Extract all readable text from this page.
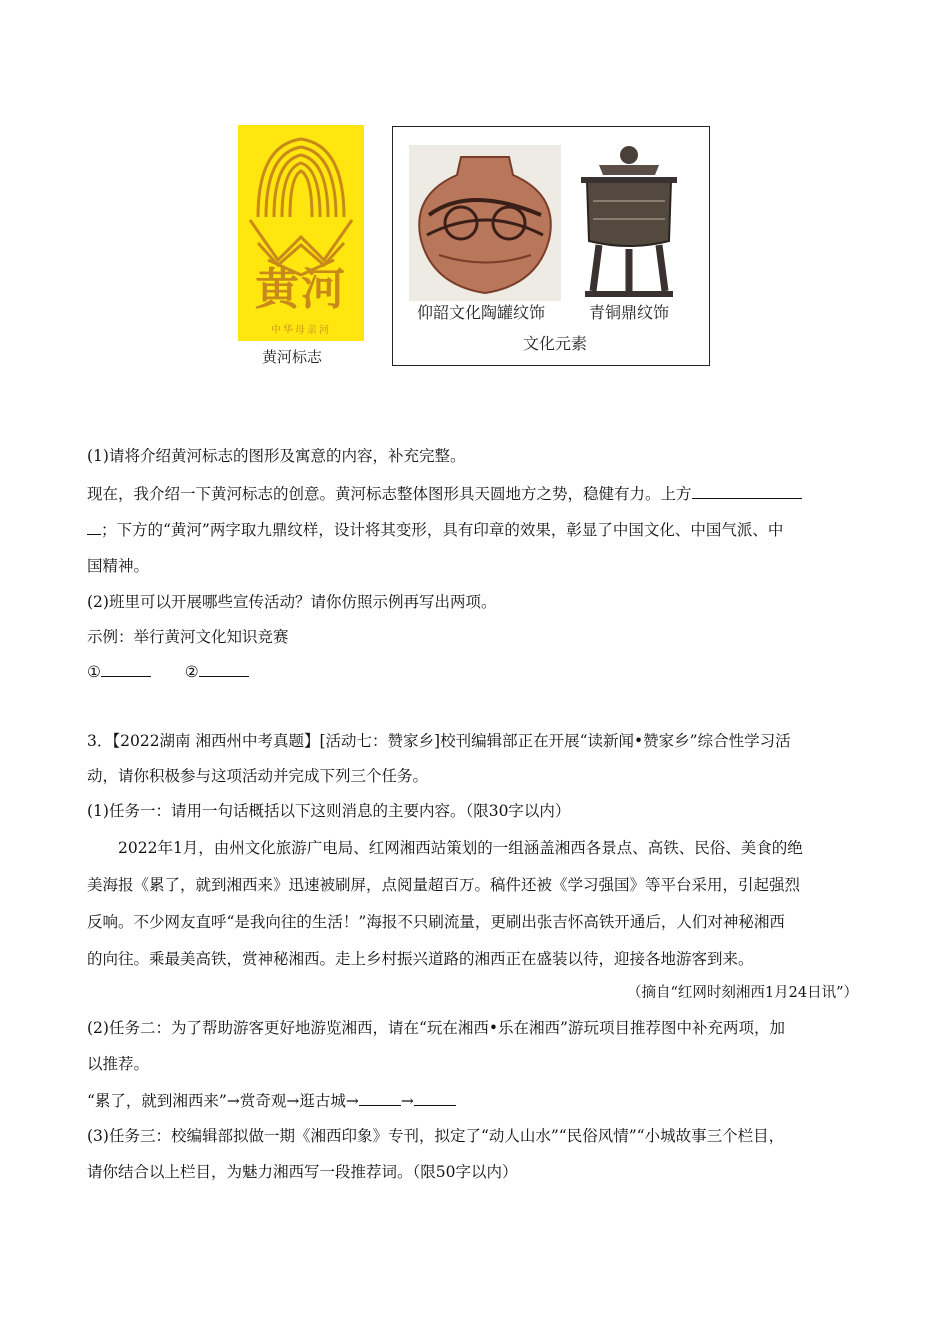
黄河
中华母亲河
黄河标志
仰韶文化陶罐纹饰	青铜鼎纹饰
文化元素
(1)请将介绍黄河标志的图形及寓意的内容，补充完整。
现在，我介绍一下黄河标志的创意。黄河标志整体图形具天圆地方之势，稳健有力。上方
；下方的“黄河”两字取九鼎纹样，设计将其变形，具有印章的效果，彰显了中国文化、中国气派、中
国精神。
(2)班里可以开展哪些宣传活动？请你仿照示例再写出两项。
示例：举行黄河文化知识竞赛
①	②
3．【2022湖南 湘西州中考真题】[活动七：赞家乡]校刊编辑部正在开展“读新闻•赞家乡”综合性学习活
动，请你积极参与这项活动并完成下列三个任务。
(1)任务一：请用一句话概括以下这则消息的主要内容。（限30字以内）
2022年1月，由州文化旅游广电局、红网湘西站策划的一组涵盖湘西各景点、高铁、民俗、美食的绝
美海报《累了，就到湘西来》迅速被刷屏，点阅量超百万。稿件还被《学习强国》等平台采用，引起强烈
反响。不少网友直呼“是我向往的生活！”海报不只刷流量，更刷出张吉怀高铁开通后，人们对神秘湘西
的向往。乘最美高铁，赏神秘湘西。走上乡村振兴道路的湘西正在盛装以待，迎接各地游客到来。
（摘自“红网时刻湘西1月24日讯”）
(2)任务二：为了帮助游客更好地游览湘西，请在“玩在湘西•乐在湘西”游玩项目推荐图中补充两项，加
以推荐。
“累了，就到湘西来”→赏奇观→逛古城→	→
(3)任务三：校编辑部拟做一期《湘西印象》专刊，拟定了“动人山水”“民俗风情”“小城故事三个栏目，
请你结合以上栏目，为魅力湘西写一段推荐词。（限50字以内）
